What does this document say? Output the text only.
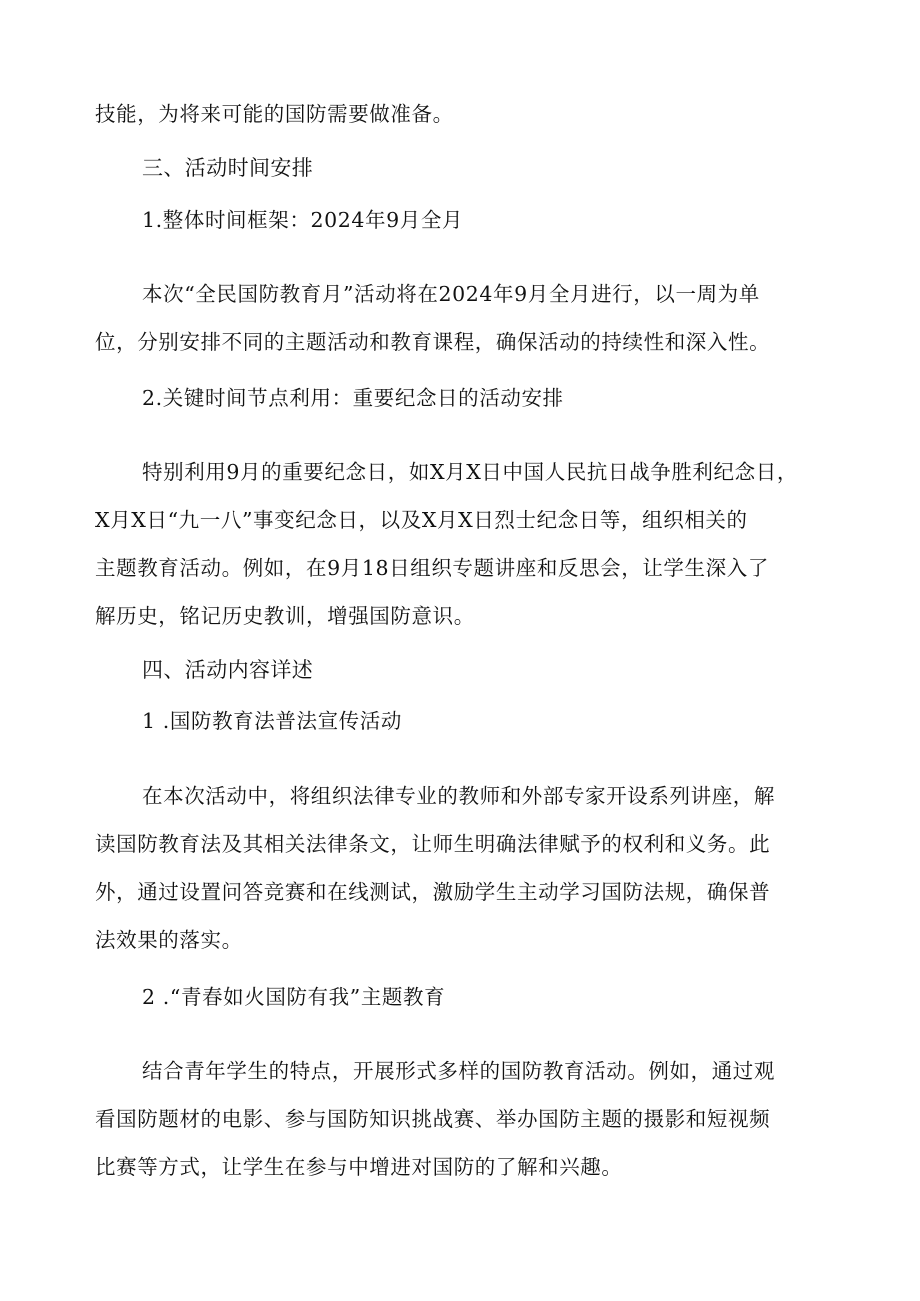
技能，为将来可能的国防需要做准备。
三、活动时间安排
1.整体时间框架：2024年9月全月
本次“全民国防教育月”活动将在2024年9月全月进行，以一周为单
位，分别安排不同的主题活动和教育课程，确保活动的持续性和深入性。
2.关键时间节点利用：重要纪念日的活动安排
特别利用9月的重要纪念日，如X月X日中国人民抗日战争胜利纪念日，
X月X日“九一八”事变纪念日，以及X月X日烈士纪念日等，组织相关的
主题教育活动。例如，在9月18日组织专题讲座和反思会，让学生深入了
解历史，铭记历史教训，增强国防意识。
四、活动内容详述
1 .国防教育法普法宣传活动
在本次活动中，将组织法律专业的教师和外部专家开设系列讲座，解
读国防教育法及其相关法律条文，让师生明确法律赋予的权利和义务。此
外，通过设置问答竞赛和在线测试，激励学生主动学习国防法规，确保普
法效果的落实。
2 .“青春如火国防有我”主题教育
结合青年学生的特点，开展形式多样的国防教育活动。例如，通过观
看国防题材的电影、参与国防知识挑战赛、举办国防主题的摄影和短视频
比赛等方式，让学生在参与中增进对国防的了解和兴趣。
